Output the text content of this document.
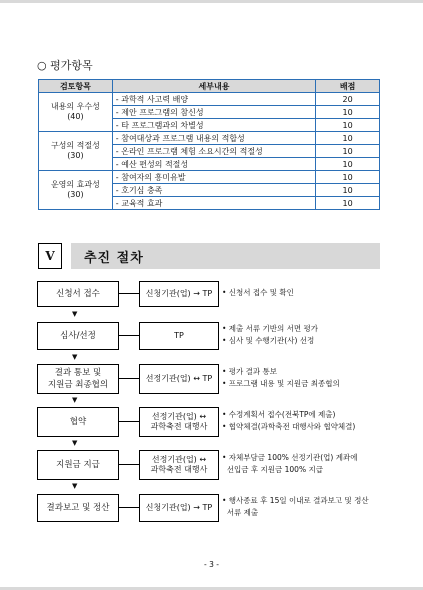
○ 평가항목
검토항목	세부내용	배점

내용의 우수성
(40)	- 과학적 사고력 배양	20
	- 제안 프로그램의 참신성	10
	- 타 프로그램과의 차별성	10

구성의 적절성
(30)	- 참여대상과 프로그램 내용의 적합성	10
	- 온라인 프로그램 체험 소요시간의 적절성	10
	- 예산 편성의 적절성	10

운영의 효과성
(30)	- 참여자의 흥미유발	10
	- 호기심 충족	10
	- 교육적 효과	10
Ⅴ	추진 절차
신청서 접수	신청기관(업) → TP • 신청서 접수 및 확인
▼
심사/선정	TP
• 제출 서류 기반의 서면 평가
• 심사 및 수행기관(사) 선정
▼
결과 통보 및
지원금 최종협의
선정기관(업) ↔ TP
• 평가 결과 통보
• 프로그램 내용 및 지원금 최종협의
▼
협약
선정기관(업) ↔
과학축전 대행사
• 수정계획서 접수(전북TP에 제출)
• 협약체결(과학축전 대행사와 협약체결)
▼
지원금 지급
선정기관(업) ↔
과학축전 대행사
• 자체부담금 100% 선정기관(업) 계좌에
선입금 후 지원금 100% 지급
▼
결과보고 및 정산	신청기관(업) → TP
• 행사종료 후 15일 이내로 결과보고 및 정산
서류 제출
- 3 -
